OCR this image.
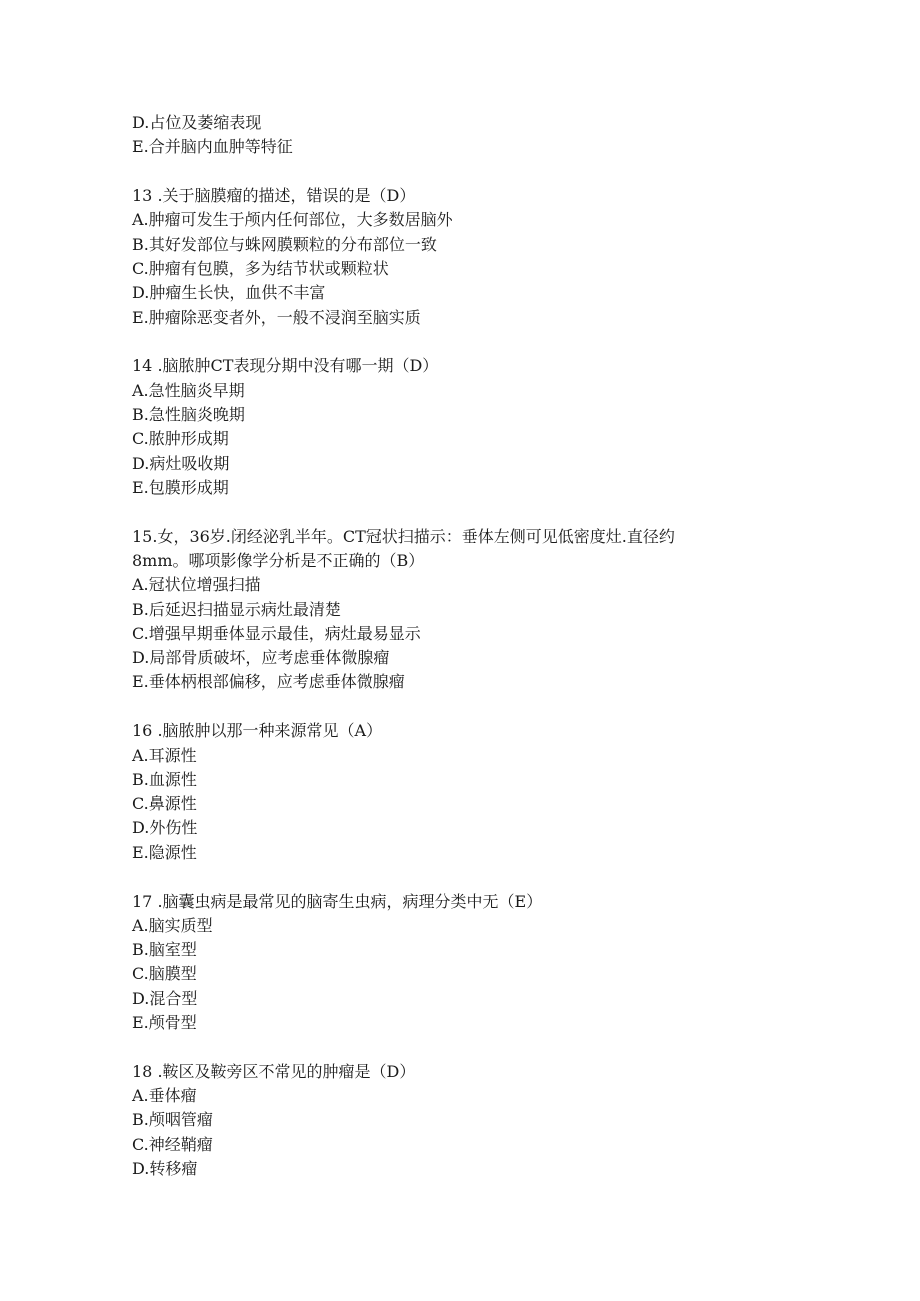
D.占位及萎缩表现
E.合并脑内血肿等特征
13 .关于脑膜瘤的描述，错误的是（D）
A.肿瘤可发生于颅内任何部位，大多数居脑外
B.其好发部位与蛛网膜颗粒的分布部位一致
C.肿瘤有包膜，多为结节状或颗粒状
D.肿瘤生长快，血供不丰富
E.肿瘤除恶变者外，一般不浸润至脑实质
14 .脑脓肿CT表现分期中没有哪一期（D）
A.急性脑炎早期
B.急性脑炎晚期
C.脓肿形成期
D.病灶吸收期
E.包膜形成期
15.女，36岁.闭经泌乳半年。CT冠状扫描示：垂体左侧可见低密度灶.直径约
8mm。哪项影像学分析是不正确的（B）
A.冠状位增强扫描
B.后延迟扫描显示病灶最清楚
C.增强早期垂体显示最佳，病灶最易显示
D.局部骨质破坏，应考虑垂体微腺瘤
E.垂体柄根部偏移，应考虑垂体微腺瘤
16 .脑脓肿以那一种来源常见（A）
A.耳源性
B.血源性
C.鼻源性
D.外伤性
E.隐源性
17 .脑囊虫病是最常见的脑寄生虫病，病理分类中无（E）
A.脑实质型
B.脑室型
C.脑膜型
D.混合型
E.颅骨型
18 .鞍区及鞍旁区不常见的肿瘤是（D）
A.垂体瘤
B.颅咽管瘤
C.神经鞘瘤
D.转移瘤
